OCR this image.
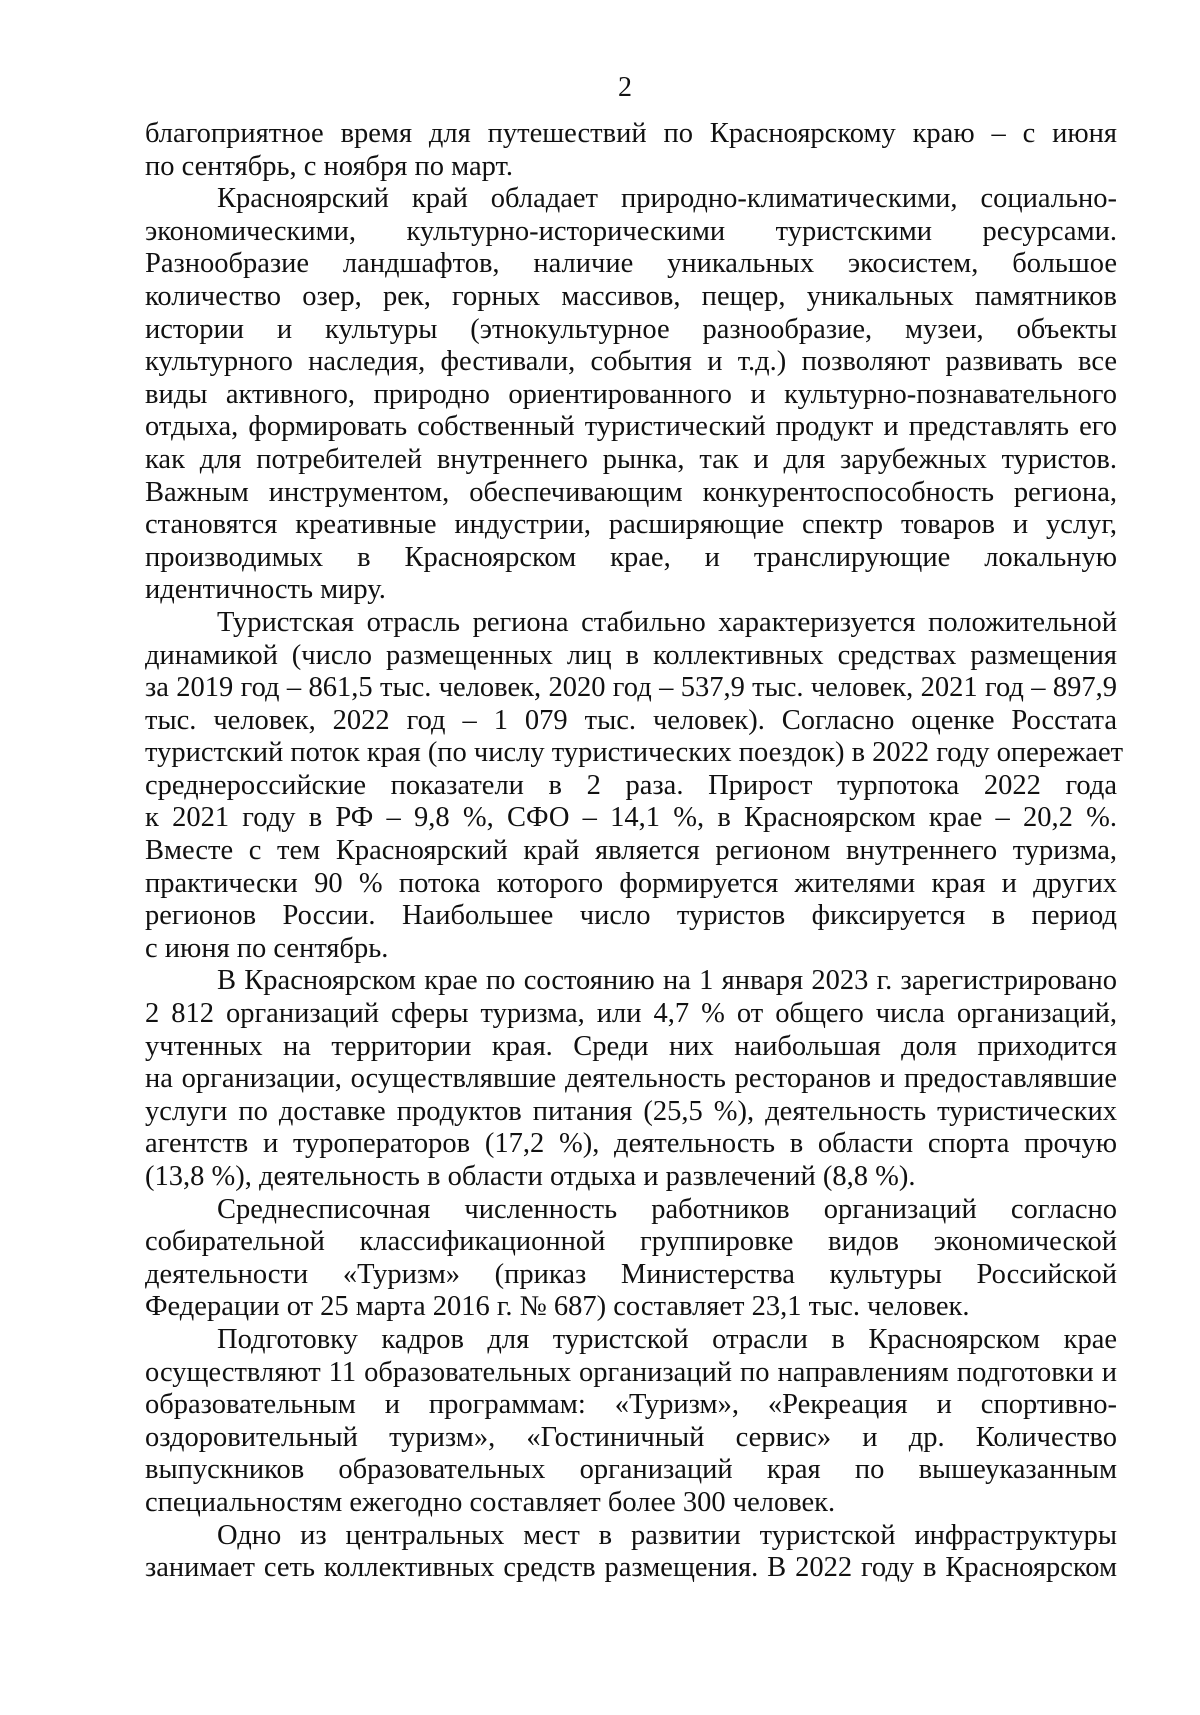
2
благоприятное время для путешествий по Красноярскому краю – с июня
по сентябрь, с ноября по март.
Красноярский край обладает природно-климатическими, социально-
экономическими, культурно-историческими туристскими ресурсами.
Разнообразие ландшафтов, наличие уникальных экосистем, большое
количество озер, рек, горных массивов, пещер, уникальных памятников
истории и культуры (этнокультурное разнообразие, музеи, объекты
культурного наследия, фестивали, события и т.д.) позволяют развивать все
виды активного, природно ориентированного и культурно-познавательного
отдыха, формировать собственный туристический продукт и представлять его
как для потребителей внутреннего рынка, так и для зарубежных туристов.
Важным инструментом, обеспечивающим конкурентоспособность региона,
становятся креативные индустрии, расширяющие спектр товаров и услуг,
производимых в Красноярском крае, и транслирующие локальную
идентичность миру.
Туристская отрасль региона стабильно характеризуется положительной
динамикой (число размещенных лиц в коллективных средствах размещения
за 2019 год – 861,5 тыс. человек, 2020 год – 537,9 тыс. человек, 2021 год – 897,9
тыс. человек, 2022 год – 1 079 тыс. человек). Согласно оценке Росстата
туристский поток края (по числу туристических поездок) в 2022 году опережает
среднероссийские показатели в 2 раза. Прирост турпотока 2022 года
к 2021 году в РФ – 9,8 %, СФО – 14,1 %, в Красноярском крае – 20,2 %.
Вместе с тем Красноярский край является регионом внутреннего туризма,
практически 90 % потока которого формируется жителями края и других
регионов России. Наибольшее число туристов фиксируется в период
с июня по сентябрь.
В Красноярском крае по состоянию на 1 января 2023 г. зарегистрировано
2 812 организаций сферы туризма, или 4,7 % от общего числа организаций,
учтенных на территории края. Среди них наибольшая доля приходится
на организации, осуществлявшие деятельность ресторанов и предоставлявшие
услуги по доставке продуктов питания (25,5 %), деятельность туристических
агентств и туроператоров (17,2 %), деятельность в области спорта прочую
(13,8 %), деятельность в области отдыха и развлечений (8,8 %).
Среднесписочная численность работников организаций согласно
собирательной классификационной группировке видов экономической
деятельности «Туризм» (приказ Министерства культуры Российской
Федерации от 25 марта 2016 г. № 687) составляет 23,1 тыс. человек.
Подготовку кадров для туристской отрасли в Красноярском крае
осуществляют 11 образовательных организаций по направлениям подготовки и
образовательным и программам: «Туризм», «Рекреация и спортивно-
оздоровительный туризм», «Гостиничный сервис» и др. Количество
выпускников образовательных организаций края по вышеуказанным
специальностям ежегодно составляет более 300 человек.
Одно из центральных мест в развитии туристской инфраструктуры
занимает сеть коллективных средств размещения. В 2022 году в Красноярском
